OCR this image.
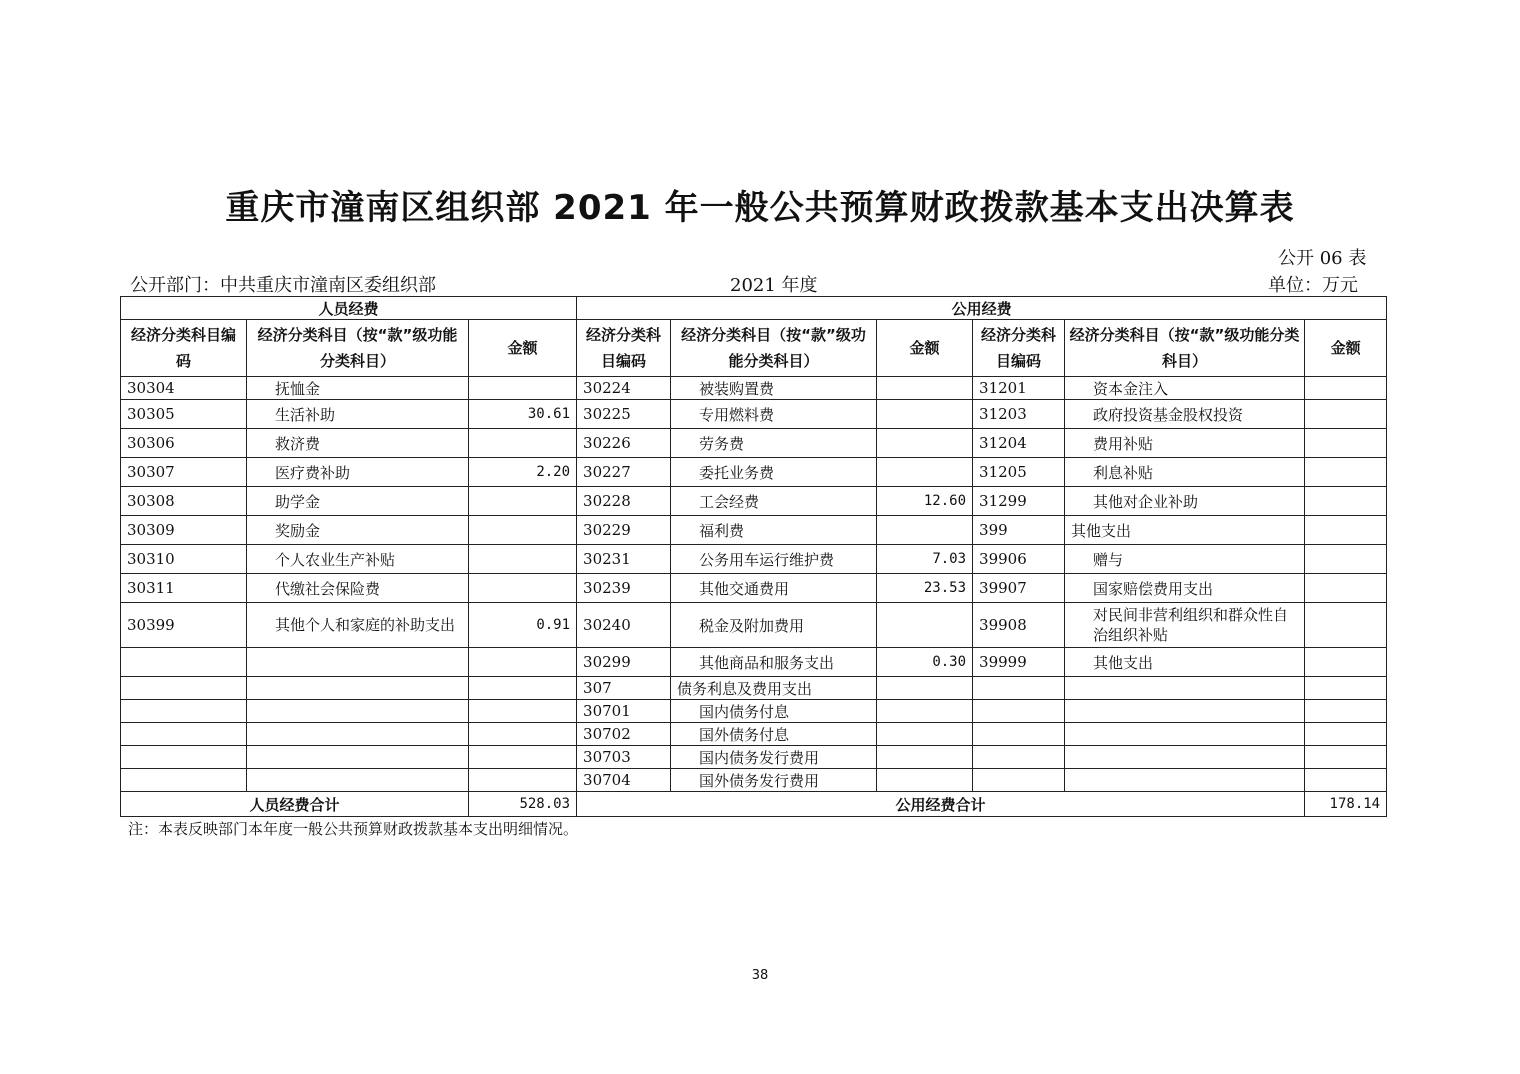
重庆市潼南区组织部 2021 年一般公共预算财政拨款基本支出决算表
公开 06 表
公开部门：中共重庆市潼南区委组织部	2021 年度	单位：万元
人员经费			公用经费					
经济分类科目编码	经济分类科目（按“款”级功能分类科目）	金额	经济分类科目编码	经济分类科目（按“款”级功能分类科目）	金额	经济分类科目编码	经济分类科目（按“款”级功能分类科目）	金额
30304	抚恤金		30224	被装购置费		31201	资本金注入	
30305	生活补助	30.61	30225	专用燃料费		31203	政府投资基金股权投资	
30306	救济费		30226	劳务费		31204	费用补贴	
30307	医疗费补助	2.20	30227	委托业务费		31205	利息补贴	
30308	助学金		30228	工会经费	12.60	31299	其他对企业补助	
30309	奖励金		30229	福利费		399	其他支出	
30310	个人农业生产补贴		30231	公务用车运行维护费	7.03	39906	赠与	
30311	代缴社会保险费		30239	其他交通费用	23.53	39907	国家赔偿费用支出	
30399	其他个人和家庭的补助支出	0.91	30240	税金及附加费用		39908	对民间非营利组织和群众性自治组织补贴	
			30299	其他商品和服务支出	0.30	39999	其他支出	
			307	债务利息及费用支出				
			30701	国内债务付息				
			30702	国外债务付息				
			30703	国内债务发行费用				
			30704	国外债务发行费用				
人员经费合计		528.03	公用经费合计					178.14
注：本表反映部门本年度一般公共预算财政拨款基本支出明细情况。
38
